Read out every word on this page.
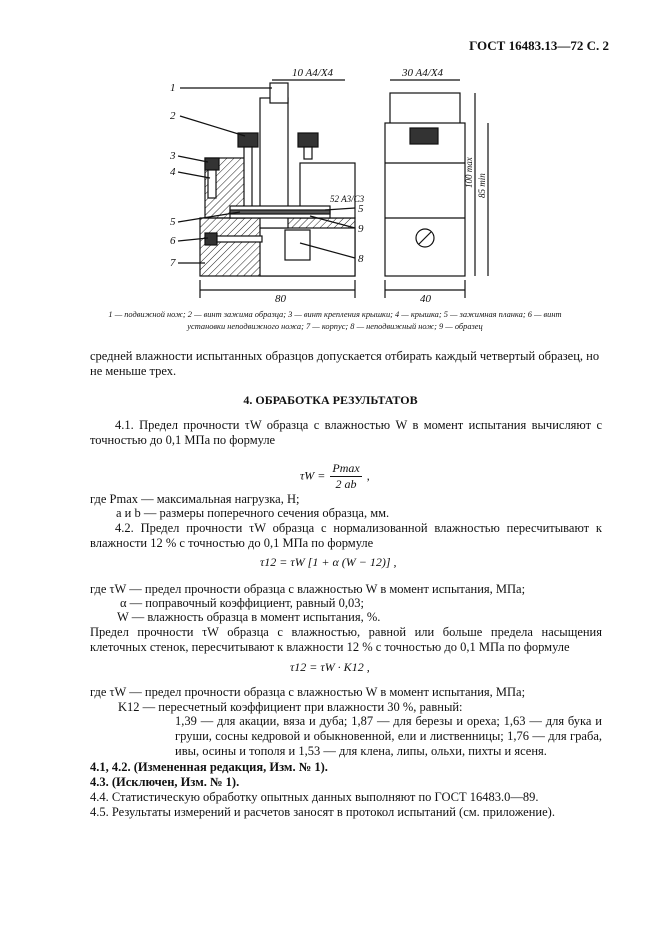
ГОСТ 16483.13—72 С. 2
10 A4/X4	30 A4/X4
80	40
52 A3/C3
100 max 85 min
1
2
3
4
5
6
7
5
9
8
1 — подвижной нож; 2 — винт зажима образца; 3 — винт крепления крышки; 4 — крышка; 5 — зажимная планка; 6 — винт установки неподвижного ножа; 7 — корпус; 8 — неподвижный нож; 9 — образец
средней влажности испытанных образцов допускается отбирать каждый четвертый образец, но не меньше трех.
4. ОБРАБОТКА РЕЗУЛЬТАТОВ
4.1. Предел прочности τW образца с влажностью W в момент испытания вычисляют с точностью до 0,1 МПа по формуле
τW =
Pmax
2 ab
,
где Pmax — максимальная нагрузка, Н;
a и b — размеры поперечного сечения образца, мм.
4.2. Предел прочности τW образца с нормализованной влажностью пересчитывают к влажности 12 % с точностью до 0,1 МПа по формуле
τ12 = τW [1 + α (W − 12)] ,
где τW — предел прочности образца с влажностью W в момент испытания, МПа;
α — поправочный коэффициент, равный 0,03;
W — влажность образца в момент испытания, %.
Предел прочности τW образца с влажностью, равной или больше предела насыщения клеточных стенок, пересчитывают к влажности 12 % с точностью до 0,1 МПа по формуле
τ12 = τW · K12 ,
где τW — предел прочности образца с влажностью W в момент испытания, МПа;
K12 — пересчетный коэффициент при влажности 30 %, равный:
1,39 — для акации, вяза и дуба; 1,87 — для березы и ореха; 1,63 — для бука и груши, сосны кедровой и обыкновенной, ели и лиственницы; 1,76 — для граба, ивы, осины и тополя и 1,53 — для клена, липы, ольхи, пихты и ясеня.
4.1, 4.2. (Измененная редакция, Изм. № 1).
4.3. (Исключен, Изм. № 1).
4.4. Статистическую обработку опытных данных выполняют по ГОСТ 16483.0—89.
4.5. Результаты измерений и расчетов заносят в протокол испытаний (см. приложение).
